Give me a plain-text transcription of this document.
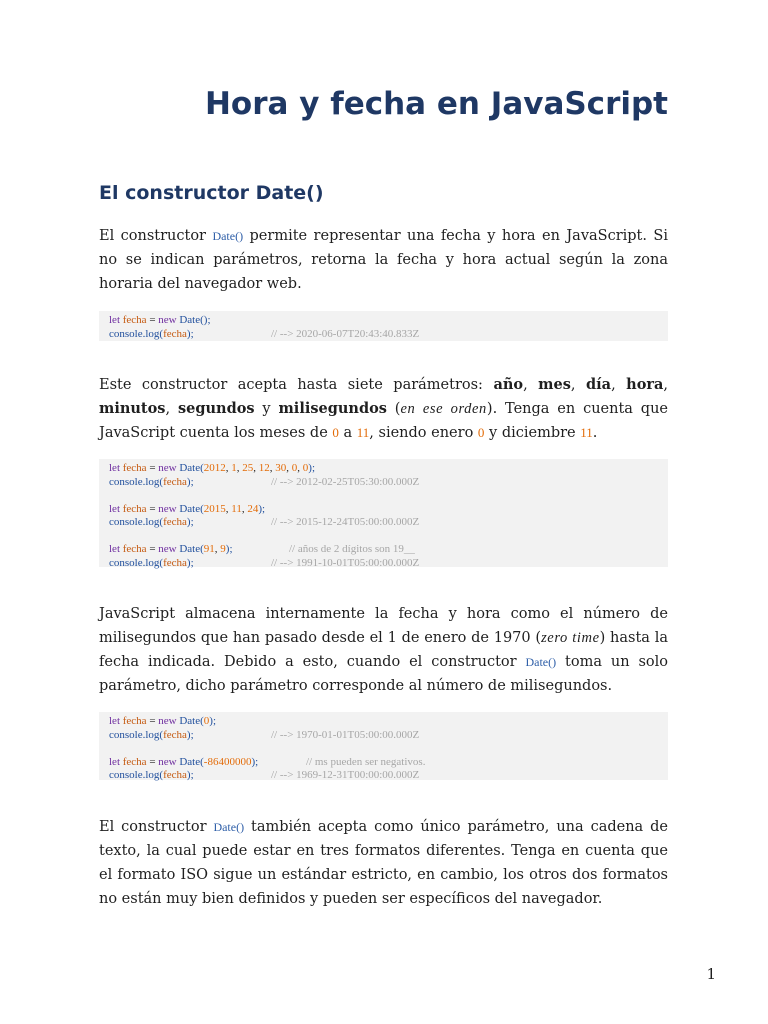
Hora y fecha en JavaScript
El constructor Date()

El constructor Date() permite representar una fecha y hora en JavaScript. Si no se indican parámetros, retorna la fecha y hora actual según la zona horaria del navegador web.

let fecha = new Date();
console.log(fecha);	// --> 2020-06-07T20:43:40.833Z

Este constructor acepta hasta siete parámetros: año, mes, día, hora, minutos, segundos y milisegundos (en ese orden). Tenga en cuenta que JavaScript cuenta los meses de 0 a 11, siendo enero 0 y diciembre 11.

let fecha = new Date(2012, 1, 25, 12, 30, 0, 0);
console.log(fecha);	// --> 2012-02-25T05:30:00.000Z
let fecha = new Date(2015, 11, 24);
console.log(fecha);	// --> 2015-12-24T05:00:00.000Z
let fecha = new Date(91, 9);	// años de 2 dígitos son 19__
console.log(fecha);	// --> 1991-10-01T05:00:00.000Z

JavaScript almacena internamente la fecha y hora como el número de milisegundos que han pasado desde el 1 de enero de 1970 (zero time) hasta la fecha indicada. Debido a esto, cuando el constructor Date() toma un solo parámetro, dicho parámetro corresponde al número de milisegundos.

let fecha = new Date(0);
console.log(fecha);	// --> 1970-01-01T05:00:00.000Z
let fecha = new Date(-86400000);	// ms pueden ser negativos.
console.log(fecha);	// --> 1969-12-31T00:00:00.000Z

El constructor Date() también acepta como único parámetro, una cadena de texto, la cual puede estar en tres formatos diferentes. Tenga en cuenta que el formato ISO sigue un estándar estricto, en cambio, los otros dos formatos no están muy bien definidos y pueden ser específicos del navegador.

1
